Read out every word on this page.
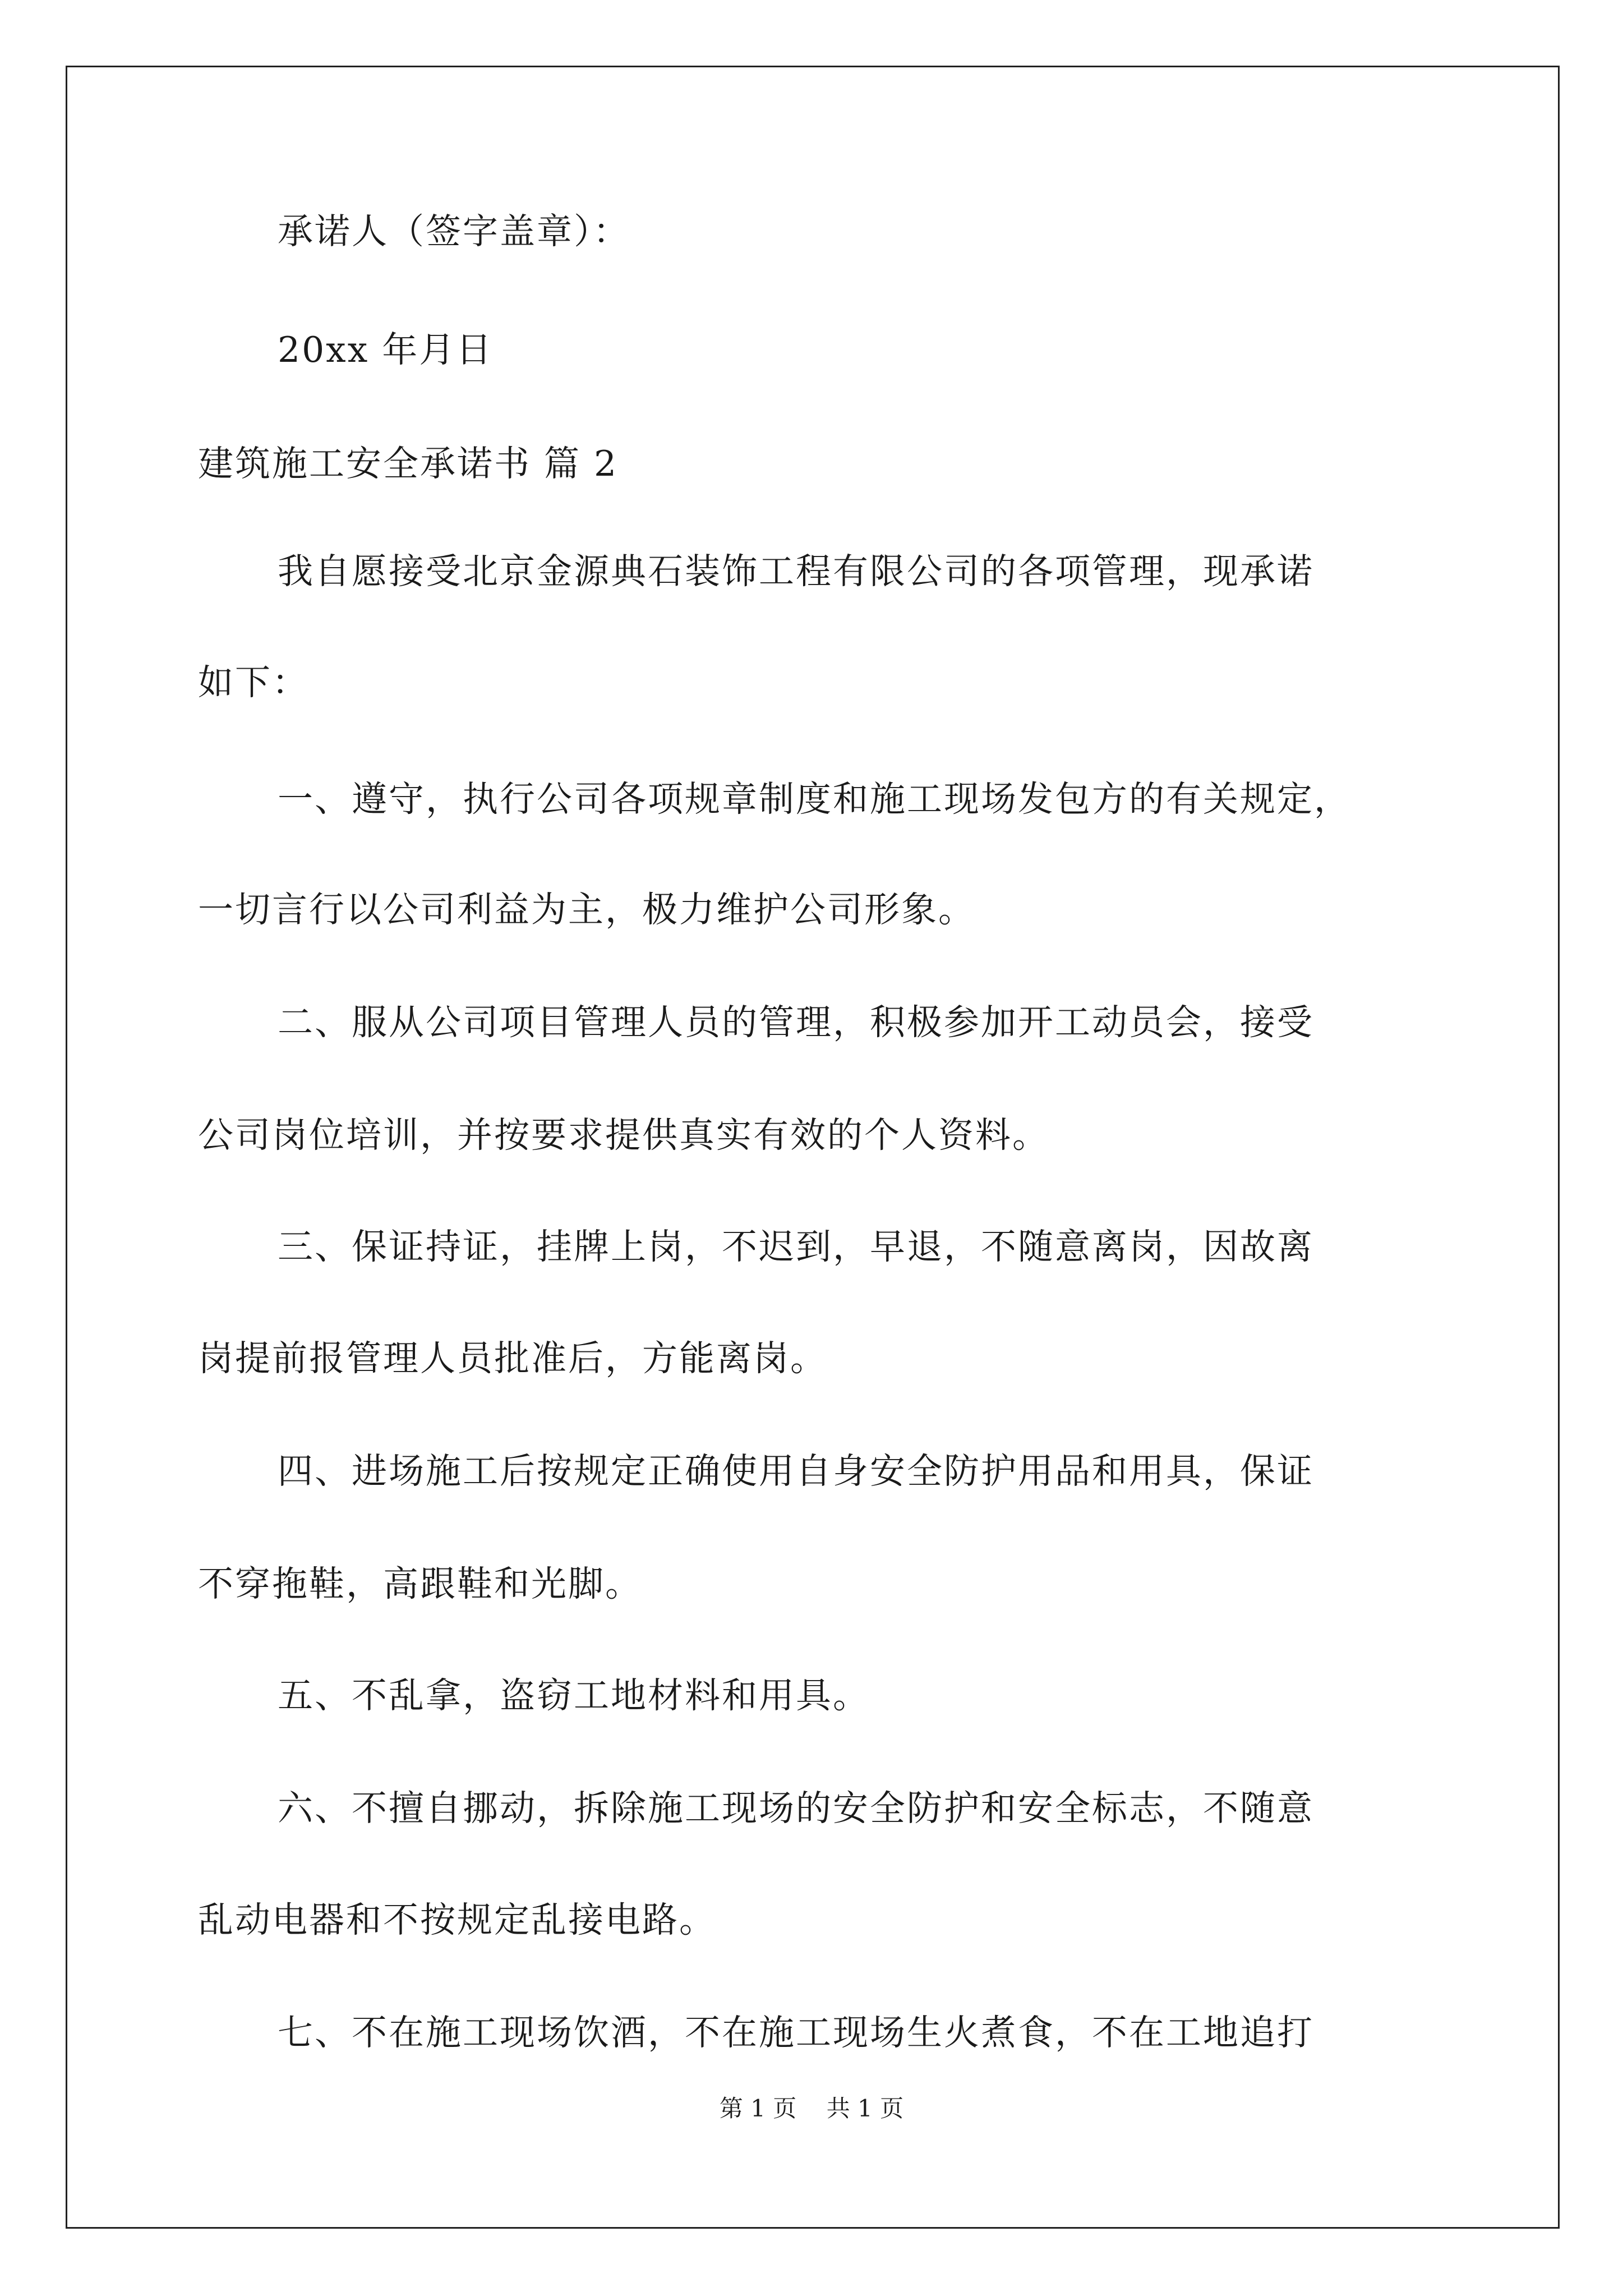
承诺人（签字盖章）：
20xx 年月日
建筑施工安全承诺书 篇 2
我自愿接受北京金源典石装饰工程有限公司的各项管理，现承诺
如下：
一、遵守，执行公司各项规章制度和施工现场发包方的有关规定，
一切言行以公司利益为主，极力维护公司形象。
二、服从公司项目管理人员的管理，积极参加开工动员会，接受
公司岗位培训，并按要求提供真实有效的个人资料。
三、保证持证，挂牌上岗，不迟到，早退，不随意离岗，因故离
岗提前报管理人员批准后，方能离岗。
四、进场施工后按规定正确使用自身安全防护用品和用具，保证
不穿拖鞋，高跟鞋和光脚。
五、不乱拿，盗窃工地材料和用具。
六、不擅自挪动，拆除施工现场的安全防护和安全标志，不随意
乱动电器和不按规定乱接电路。
七、不在施工现场饮酒，不在施工现场生火煮食，不在工地追打
第 1 页    共 1 页
